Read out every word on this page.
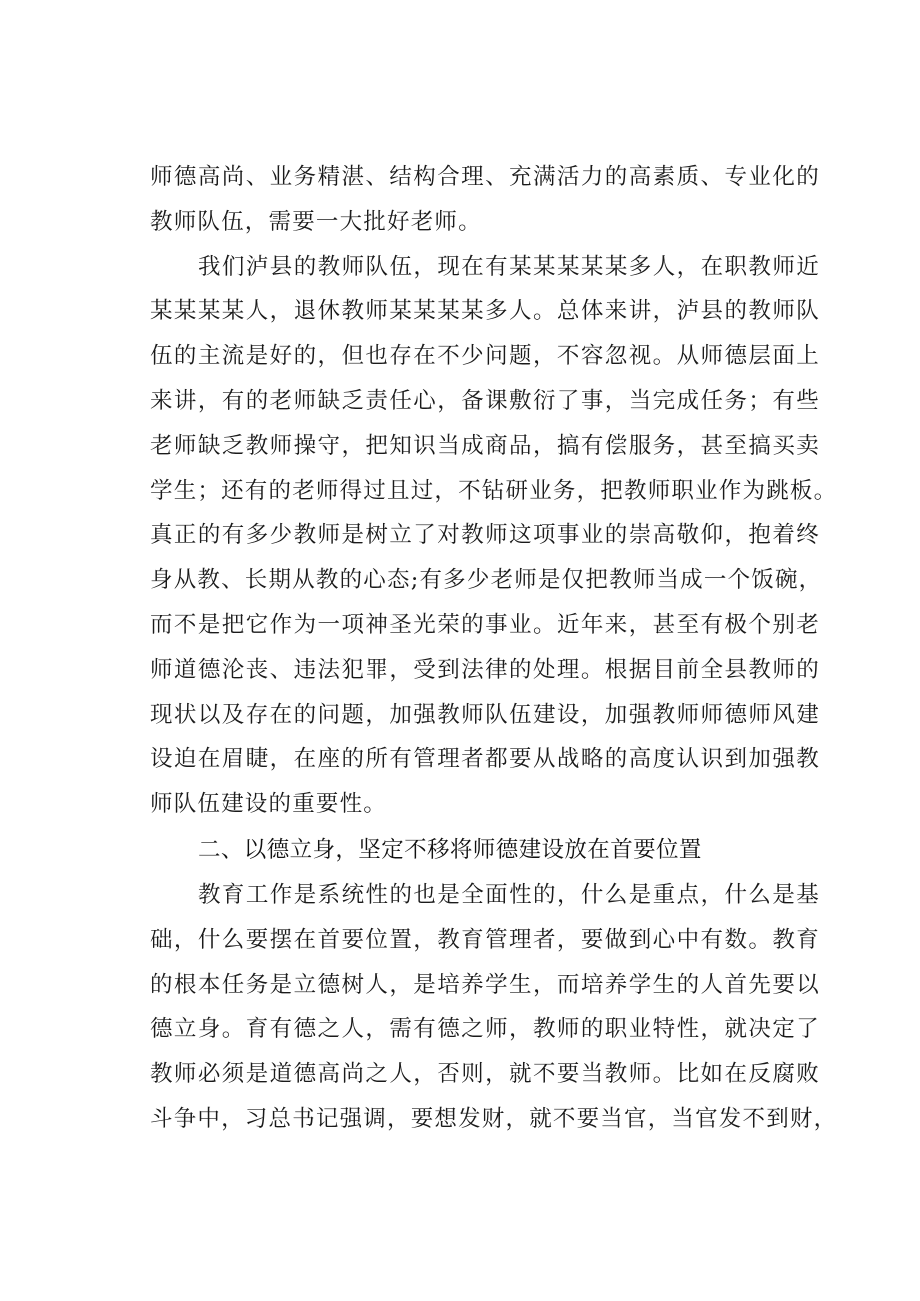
师德高尚、业务精湛、结构合理、充满活力的高素质、专业化的
教师队伍，需要一大批好老师。
我们泸县的教师队伍，现在有某某某某某多人，在职教师近
某某某某人，退休教师某某某某多人。总体来讲，泸县的教师队
伍的主流是好的，但也存在不少问题，不容忽视。从师德层面上
来讲，有的老师缺乏责任心，备课敷衍了事，当完成任务；有些
老师缺乏教师操守，把知识当成商品，搞有偿服务，甚至搞买卖
学生；还有的老师得过且过，不钻研业务，把教师职业作为跳板。
真正的有多少教师是树立了对教师这项事业的崇高敬仰，抱着终
身从教、长期从教的心态;有多少老师是仅把教师当成一个饭碗，
而不是把它作为一项神圣光荣的事业。近年来，甚至有极个别老
师道德沦丧、违法犯罪，受到法律的处理。根据目前全县教师的
现状以及存在的问题，加强教师队伍建设，加强教师师德师风建
设迫在眉睫，在座的所有管理者都要从战略的高度认识到加强教
师队伍建设的重要性。
二、以德立身，坚定不移将师德建设放在首要位置
教育工作是系统性的也是全面性的，什么是重点，什么是基
础，什么要摆在首要位置，教育管理者，要做到心中有数。教育
的根本任务是立德树人，是培养学生，而培养学生的人首先要以
德立身。育有德之人，需有德之师，教师的职业特性，就决定了
教师必须是道德高尚之人，否则，就不要当教师。比如在反腐败
斗争中，习总书记强调，要想发财，就不要当官，当官发不到财，
